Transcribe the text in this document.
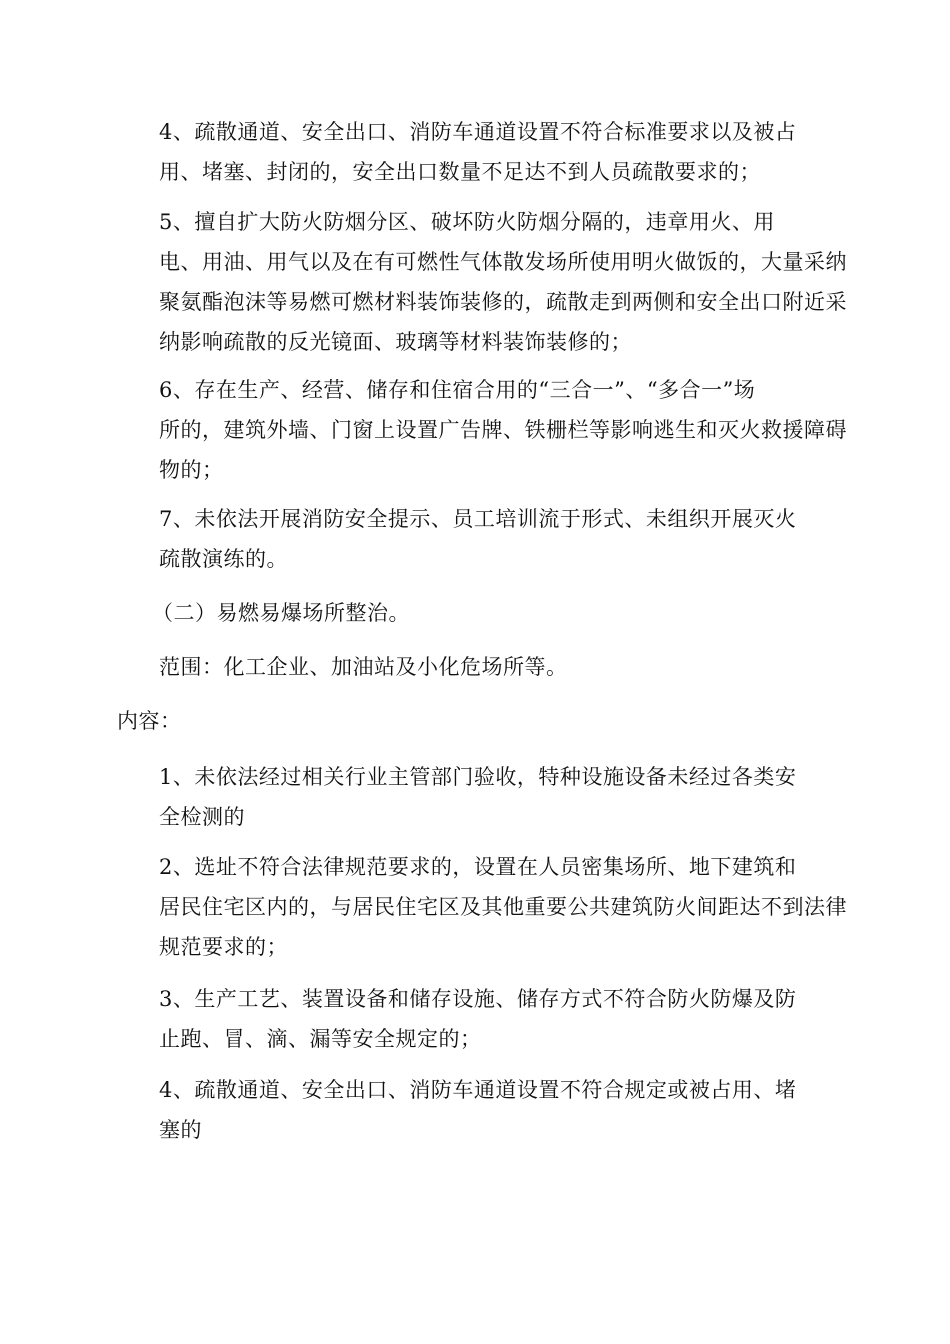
4、疏散通道、安全出口、消防车通道设置不符合标准要求以及被占
用、堵塞、封闭的，安全出口数量不足达不到人员疏散要求的；
5、擅自扩大防火防烟分区、破坏防火防烟分隔的，违章用火、用
电、用油、用气以及在有可燃性气体散发场所使用明火做饭的，大量采纳
聚氨酯泡沫等易燃可燃材料装饰装修的，疏散走到两侧和安全出口附近采
纳影响疏散的反光镜面、玻璃等材料装饰装修的；
6、存在生产、经营、储存和住宿合用的“三合一”、“多合一”场
所的，建筑外墙、门窗上设置广告牌、铁栅栏等影响逃生和灭火救援障碍
物的；
7、未依法开展消防安全提示、员工培训流于形式、未组织开展灭火
疏散演练的。
（二）易燃易爆场所整治。
范围：化工企业、加油站及小化危场所等。
内容：
1、未依法经过相关行业主管部门验收，特种设施设备未经过各类安
全检测的
2、选址不符合法律规范要求的，设置在人员密集场所、地下建筑和
居民住宅区内的，与居民住宅区及其他重要公共建筑防火间距达不到法律
规范要求的；
3、生产工艺、装置设备和储存设施、储存方式不符合防火防爆及防
止跑、冒、滴、漏等安全规定的；
4、疏散通道、安全出口、消防车通道设置不符合规定或被占用、堵
塞的
